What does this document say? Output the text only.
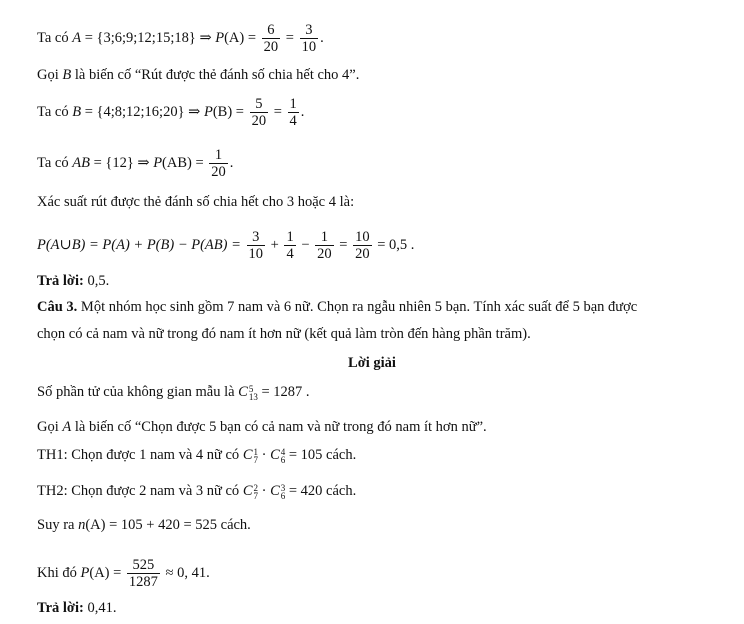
Ta có A = {3;6;9;12;15;18} ⇒ $P(A) = \frac{6}{20} = \frac{3}{10}$ .
Gọi B là biến cố “Rút được thẻ đánh số chia hết cho 4”.
Ta có B = {4;8;12;16;20} ⇒ $P(B) = \frac{5}{20} = \frac{1}{4}$ .
Ta có AB = {12} ⇒ $P(AB) = \frac{1}{20}$ .
Xác suất rút được thẻ đánh số chia hết cho 3 hoặc 4 là:
P(A∪B) = $P(A) + P(B) - P(AB) = \frac{3}{10} + \frac{1}{4} - \frac{1}{20} = \frac{10}{20} = 0,5$ .
Trả lời: 0,5.
Câu 3. Một nhóm học sinh gồm 7 nam và 6 nữ. Chọn ra ngẫu nhiên 5 bạn. Tính xác suất để 5 bạn được
chọn có cả nam và nữ trong đó nam ít hơn nữ (kết quả làm tròn đến hàng phần trăm).
Lời giải
Số phần tử của không gian mẫu là C 5
13 = 1287 .
Gọi A là biến cố “Chọn được 5 bạn có cả nam và nữ trong đó nam ít hơn nữ”.
TH1: Chọn được 1 nam và 4 nữ có C 1
7 · C 4
6 = 105 cách.
TH2: Chọn được 2 nam và 3 nữ có C 2
7 · C 3
6 = 420 cách.
Suy ra n(A) = 105 + 420 = 525 cách.
Khi đó $P(A) = \frac{525}{1287} \approx 0$, 41.
Trả lời: 0,41.
